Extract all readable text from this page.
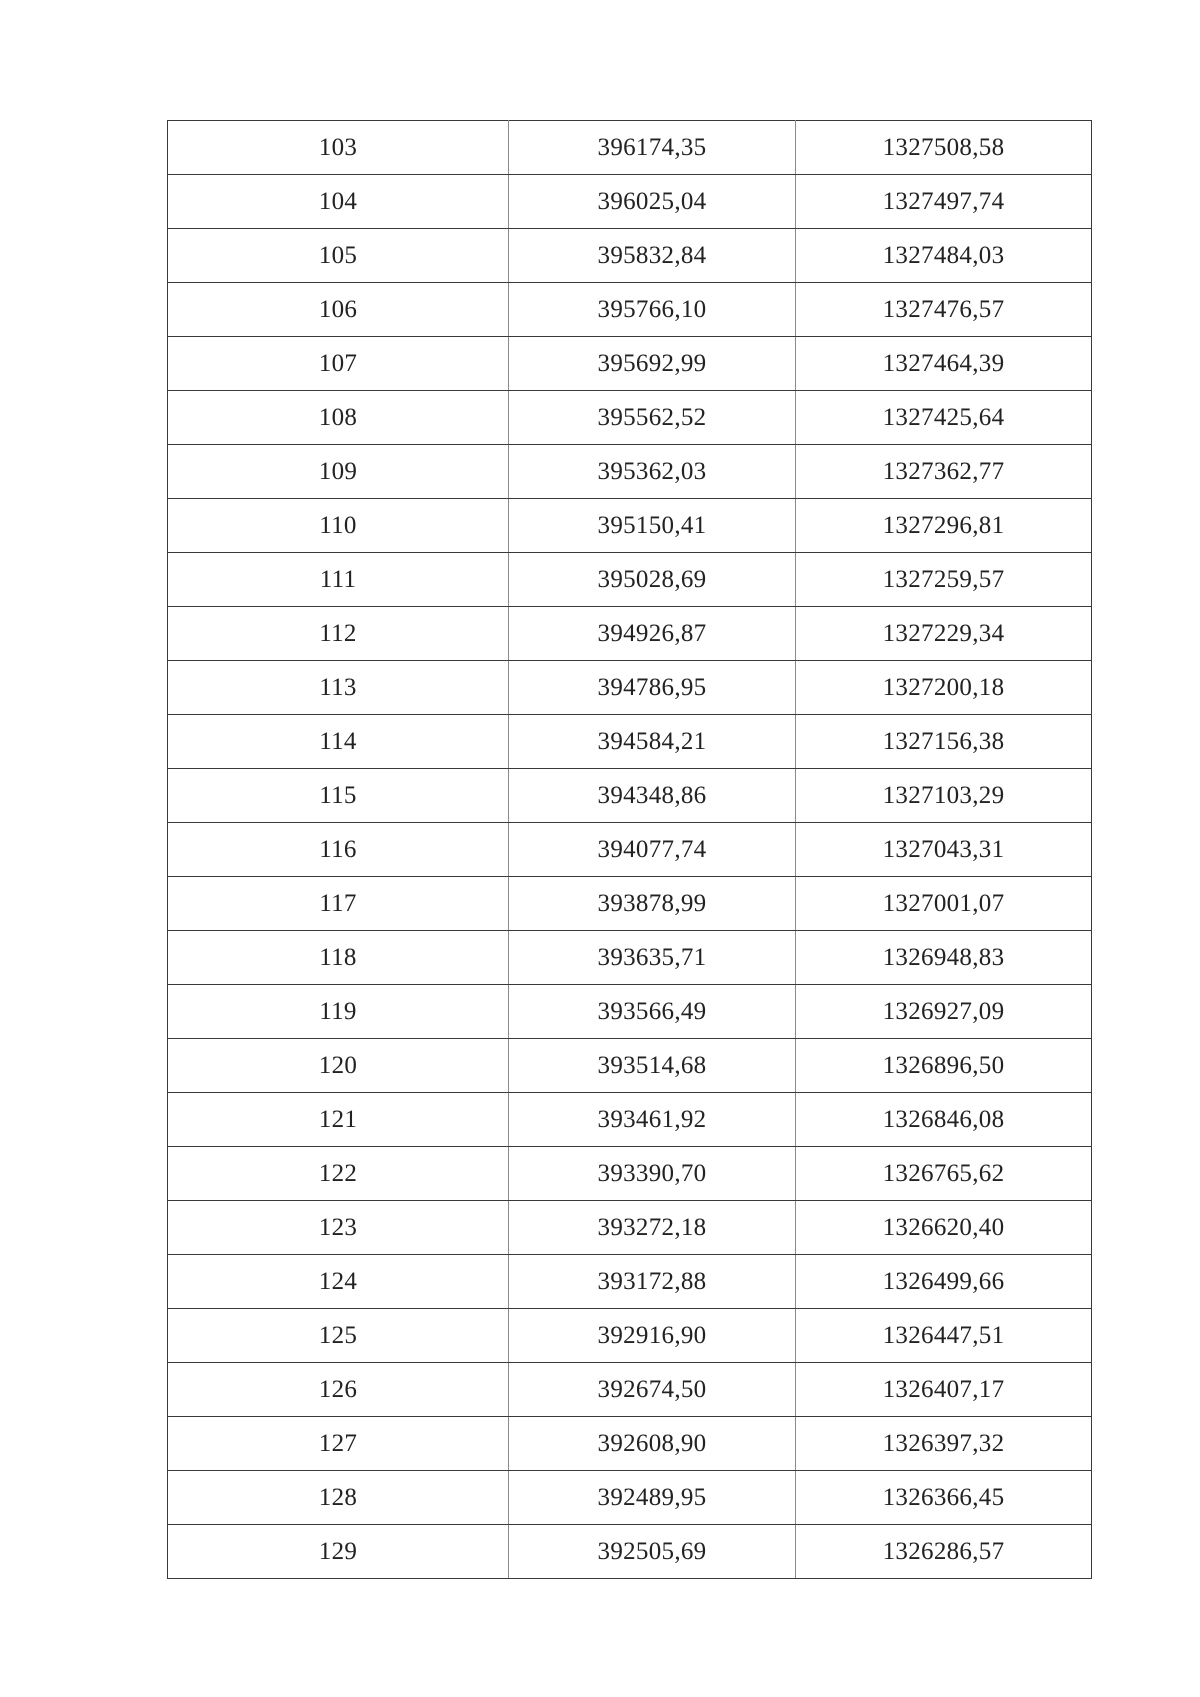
103	396174,35	1327508,58
104	396025,04	1327497,74
105	395832,84	1327484,03
106	395766,10	1327476,57
107	395692,99	1327464,39
108	395562,52	1327425,64
109	395362,03	1327362,77
110	395150,41	1327296,81
111	395028,69	1327259,57
112	394926,87	1327229,34
113	394786,95	1327200,18
114	394584,21	1327156,38
115	394348,86	1327103,29
116	394077,74	1327043,31
117	393878,99	1327001,07
118	393635,71	1326948,83
119	393566,49	1326927,09
120	393514,68	1326896,50
121	393461,92	1326846,08
122	393390,70	1326765,62
123	393272,18	1326620,40
124	393172,88	1326499,66
125	392916,90	1326447,51
126	392674,50	1326407,17
127	392608,90	1326397,32
128	392489,95	1326366,45
129	392505,69	1326286,57
